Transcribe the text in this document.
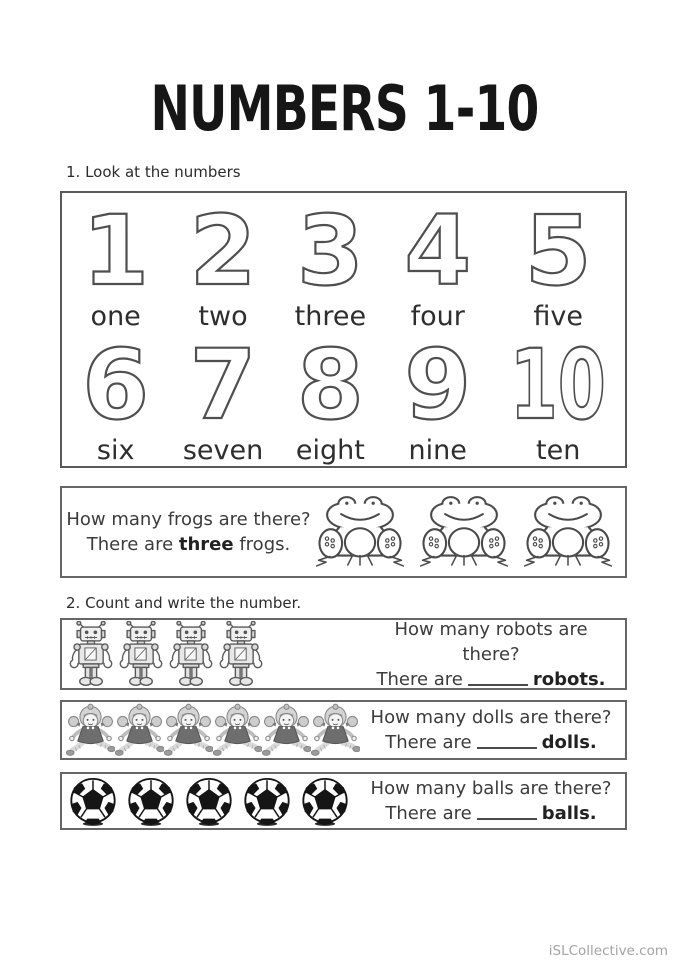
NUMBERS 1-10
1. Look at the numbers
1 2 3 4 5
one	two	three	four	five
6 7 8 9 10
six	seven	eight	nine	ten
How many frogs are there?
There are three frogs.
2. Count and write the number.
How many robots are there?
There are	robots.
How many dolls are there?
There are	dolls.
How many balls are there?
There are	balls.
iSLCollective.com
